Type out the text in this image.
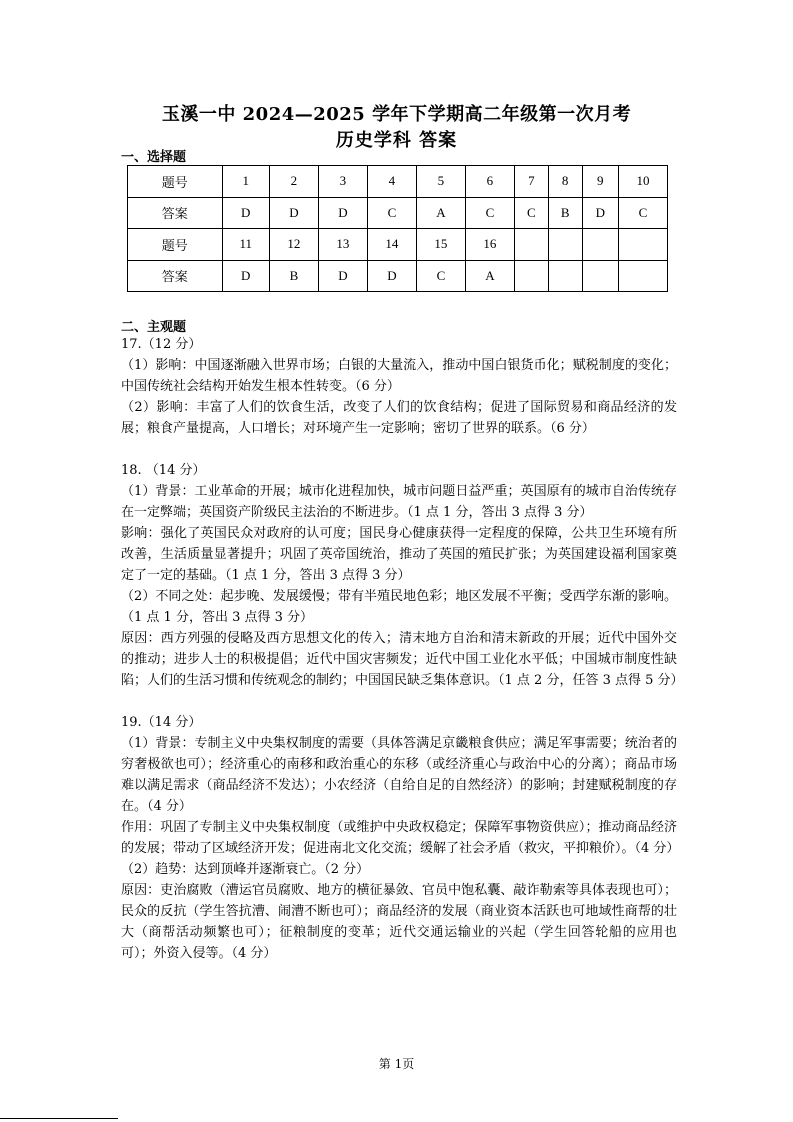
玉溪一中 2024—2025 学年下学期高二年级第一次月考
历史学科 答案
一、选择题
题号	1	2	3	4	5	6	7	8	9	10
答案	D	D	D	C	A	C	C	B	D	C
题号	11	12	13	14	15	16				
答案	D	B	D	D	C	A				
二、主观题

17.（12 分）

（1）影响：中国逐渐融入世界市场；白银的大量流入，推动中国白银货币化；赋税制度的变化；中国传统社会结构开始发生根本性转变。（6 分）

（2）影响：丰富了人们的饮食生活，改变了人们的饮食结构；促进了国际贸易和商品经济的发展；粮食产量提高，人口增长；对环境产生一定影响；密切了世界的联系。（6 分）

18. （14 分）

（1）背景：工业革命的开展；城市化进程加快，城市问题日益严重；英国原有的城市自治传统存在一定弊端；英国资产阶级民主法治的不断进步。（1 点 1 分，答出 3 点得 3 分）

影响：强化了英国民众对政府的认可度；国民身心健康获得一定程度的保障，公共卫生环境有所改善，生活质量显著提升；巩固了英帝国统治，推动了英国的殖民扩张；为英国建设福利国家奠定了一定的基础。（1 点 1 分，答出 3 点得 3 分）

（2）不同之处：起步晚、发展缓慢；带有半殖民地色彩；地区发展不平衡；受西学东渐的影响。（1 点 1 分，答出 3 点得 3 分）

原因：西方列强的侵略及西方思想文化的传入；清末地方自治和清末新政的开展；近代中国外交的推动；进步人士的积极提倡；近代中国灾害频发；近代中国工业化水平低；中国城市制度性缺陷；人们的生活习惯和传统观念的制约；中国国民缺乏集体意识。（1 点 2 分，任答 3 点得 5 分）

19.（14 分）

（1）背景：专制主义中央集权制度的需要（具体答满足京畿粮食供应；满足军事需要；统治者的穷奢极欲也可）；经济重心的南移和政治重心的东移（或经济重心与政治中心的分离）；商品市场难以满足需求（商品经济不发达）；小农经济（自给自足的自然经济）的影响；封建赋税制度的存在。（4 分）

作用：巩固了专制主义中央集权制度（或维护中央政权稳定；保障军事物资供应）；推动商品经济的发展；带动了区域经济开发；促进南北文化交流；缓解了社会矛盾（救灾，平抑粮价）。（4 分）

（2）趋势：达到顶峰并逐渐衰亡。（2 分）

原因：吏治腐败（漕运官员腐败、地方的横征暴敛、官员中饱私囊、敲诈勒索等具体表现也可）；民众的反抗（学生答抗漕、闹漕不断也可）；商品经济的发展（商业资本活跃也可地域性商帮的壮大（商帮活动频繁也可）；征粮制度的变革；近代交通运输业的兴起（学生回答轮船的应用也可）；外资入侵等。（4 分）

第 1页
